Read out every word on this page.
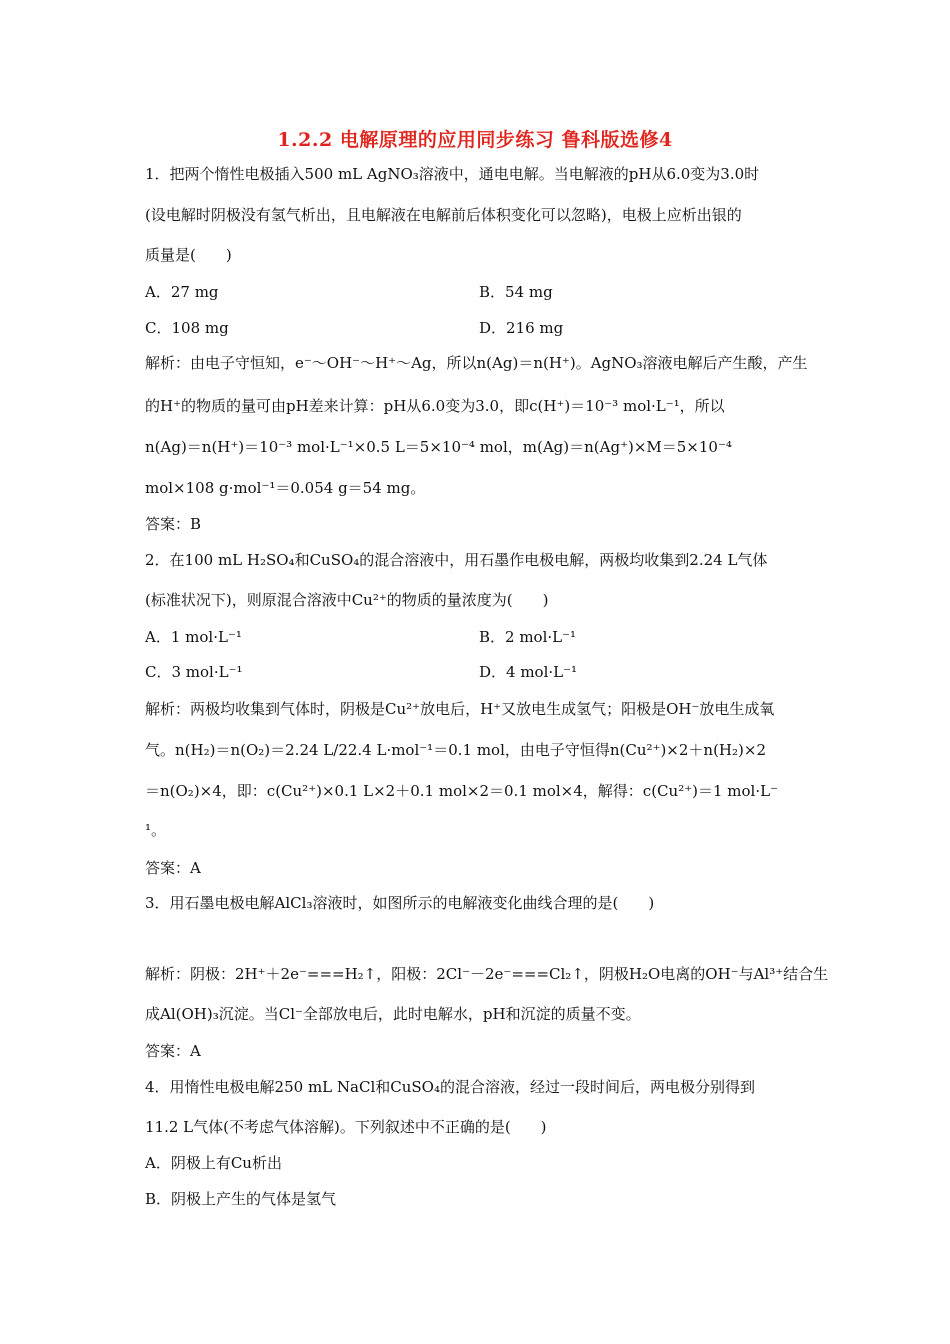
1.2.2 电解原理的应用同步练习 鲁科版选修4
1．把两个惰性电极插入500 mL AgNO₃溶液中，通电电解。当电解液的pH从6.0变为3.0时
(设电解时阴极没有氢气析出，且电解液在电解前后体积变化可以忽略)，电极上应析出银的
质量是(　　)
A．27 mg	B．54 mg
C．108 mg	D．216 mg
解析：由电子守恒知，e⁻～OH⁻～H⁺～Ag，所以n(Ag)＝n(H⁺)。AgNO₃溶液电解后产生酸，产生
的H⁺的物质的量可由pH差来计算：pH从6.0变为3.0，即c(H⁺)＝10⁻³ mol·L⁻¹，所以
n(Ag)＝n(H⁺)＝10⁻³ mol·L⁻¹×0.5 L＝5×10⁻⁴ mol，m(Ag)＝n(Ag⁺)×M＝5×10⁻⁴
mol×108 g·mol⁻¹＝0.054 g＝54 mg。
答案：B
2．在100 mL H₂SO₄和CuSO₄的混合溶液中，用石墨作电极电解，两极均收集到2.24 L气体
(标准状况下)，则原混合溶液中Cu²⁺的物质的量浓度为(　　)
A．1 mol·L⁻¹	B．2 mol·L⁻¹
C．3 mol·L⁻¹	D．4 mol·L⁻¹
解析：两极均收集到气体时，阴极是Cu²⁺放电后，H⁺又放电生成氢气；阳极是OH⁻放电生成氧
气。n(H₂)＝n(O₂)＝2.24 L/22.4 L·mol⁻¹＝0.1 mol，由电子守恒得n(Cu²⁺)×2＋n(H₂)×2
＝n(O₂)×4，即：c(Cu²⁺)×0.1 L×2＋0.1 mol×2＝0.1 mol×4，解得：c(Cu²⁺)＝1 mol·L⁻
¹。
答案：A
3．用石墨电极电解AlCl₃溶液时，如图所示的电解液变化曲线合理的是(　　)
解析：阴极：2H⁺＋2e⁻===H₂↑，阳极：2Cl⁻－2e⁻===Cl₂↑，阴极H₂O电离的OH⁻与Al³⁺结合生
成Al(OH)₃沉淀。当Cl⁻全部放电后，此时电解水，pH和沉淀的质量不变。
答案：A
4．用惰性电极电解250 mL NaCl和CuSO₄的混合溶液，经过一段时间后，两电极分别得到
11.2 L气体(不考虑气体溶解)。下列叙述中不正确的是(　　)
A．阴极上有Cu析出
B．阴极上产生的气体是氢气
